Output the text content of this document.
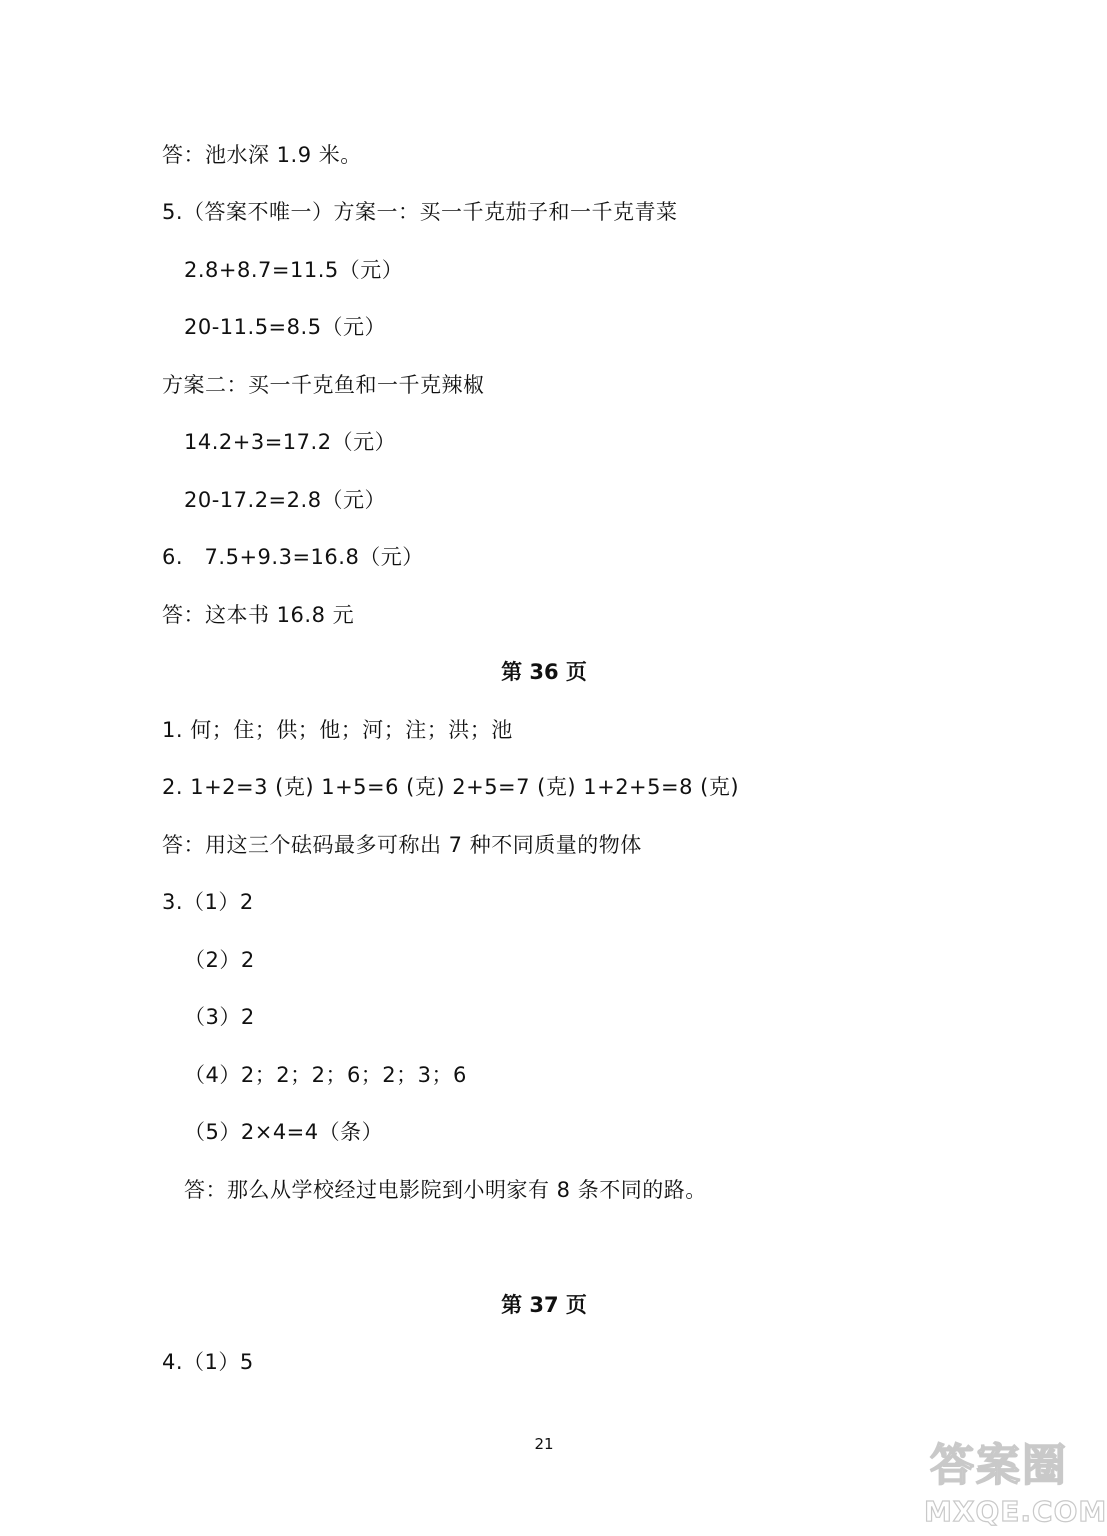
答：池水深 1.9 米。
5.（答案不唯一）方案一：买一千克茄子和一千克青菜
2.8+8.7=11.5（元）
20-11.5=8.5（元）
方案二：买一千克鱼和一千克辣椒
14.2+3=17.2（元）
20-17.2=2.8（元）
6.   7.5+9.3=16.8（元）
答：这本书 16.8 元
第 36 页
1. 何；住；供；他；河；注；洪；池
2. 1+2=3 (克) 1+5=6 (克) 2+5=7 (克) 1+2+5=8 (克)
答：用这三个砝码最多可称出 7 种不同质量的物体
3.（1）2
（2）2
（3）2
（4）2；2；2；6；2；3；6
（5）2×4=4（条）
答：那么从学校经过电影院到小明家有 8 条不同的路。
第 37 页
4.（1）5
21	答案圈
MXQE.COM
